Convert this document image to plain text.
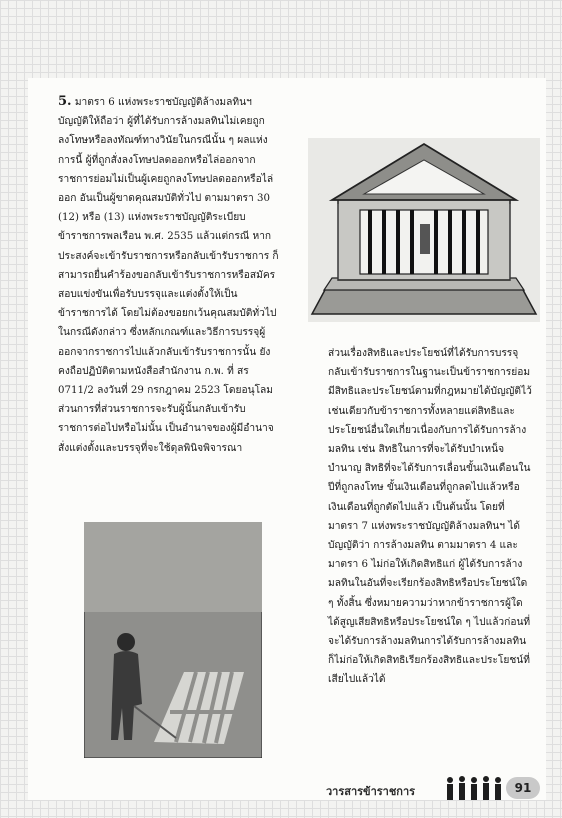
5. มาตรา 6 แห่งพระราชบัญญัติล้างมลทินฯ บัญญัติให้ถือว่า ผู้ที่ได้รับการล้างมลทินไม่เคยถูกลงโทษหรือลงทัณฑ์ทางวินัยในกรณีนั้น ๆ ผลแห่งการนี้ ผู้ที่ถูกสั่งลงโทษปลดออกหรือไล่ออกจากราชการย่อมไม่เป็นผู้เคยถูกลงโทษปลดออกหรือไล่ออก อันเป็นผู้ขาดคุณสมบัติทั่วไป ตามมาตรา 30 (12) หรือ (13) แห่งพระราชบัญญัติระเบียบข้าราชการพลเรือน พ.ศ. 2535 แล้วแต่กรณี หากประสงค์จะเข้ารับราชการหรือกลับเข้ารับราชการ ก็สามารถยื่นคำร้องขอกลับเข้ารับราชการหรือสมัครสอบแข่งขันเพื่อรับบรรจุและแต่งตั้งให้เป็นข้าราชการได้ โดยไม่ต้องขอยกเว้นคุณสมบัติทั่วไปในกรณีดังกล่าว ซึ่งหลักเกณฑ์และวิธีการบรรจุผู้ออกจากราชการไปแล้วกลับเข้ารับราชการนั้น ยังคงถือปฏิบัติตามหนังสือสำนักงาน ก.พ. ที่ สร 0711/2 ลงวันที่ 29 กรกฎาคม 2523 โดยอนุโลม ส่วนการที่ส่วนราชการจะรับผู้นั้นกลับเข้ารับราชการต่อไปหรือไม่นั้น เป็นอำนาจของผู้มีอำนาจสั่งแต่งตั้งและบรรจุที่จะใช้ดุลพินิจพิจารณา

ส่วนเรื่องสิทธิและประโยชน์ที่ได้รับการบรรจุกลับเข้ารับราชการในฐานะเป็นข้าราชการย่อมมีสิทธิและประโยชน์ตามที่กฎหมายได้บัญญัติไว้เช่นเดียวกับข้าราชการทั้งหลายแต่สิทธิและประโยชน์อื่นใดเกี่ยวเนื่องกับการได้รับการล้างมลทิน เช่น สิทธิในการที่จะได้รับบำเหน็จบำนาญ สิทธิที่จะได้รับการเลื่อนขั้นเงินเดือนในปีที่ถูกลงโทษ ขั้นเงินเดือนที่ถูกลดไปแล้วหรือเงินเดือนที่ถูกตัดไปแล้ว เป็นต้นนั้น โดยที่มาตรา 7 แห่งพระราชบัญญัติล้างมลทินฯ ได้บัญญัติว่า การล้างมลทิน ตามมาตรา 4 และมาตรา 6 ไม่ก่อให้เกิดสิทธิแก่ ผู้ได้รับการล้างมลทินในอันที่จะเรียกร้องสิทธิหรือประโยชน์ใด ๆ ทั้งสิ้น ซึ่งหมายความว่าหากข้าราชการผู้ใดได้สูญเสียสิทธิหรือประโยชน์ใด ๆ ไปแล้วก่อนที่จะได้รับการล้างมลทินการได้รับการล้างมลทินก็ไม่ก่อให้เกิดสิทธิเรียกร้องสิทธิและประโยชน์ที่เสียไปแล้วได้

วารสารข้าราชการ	91
